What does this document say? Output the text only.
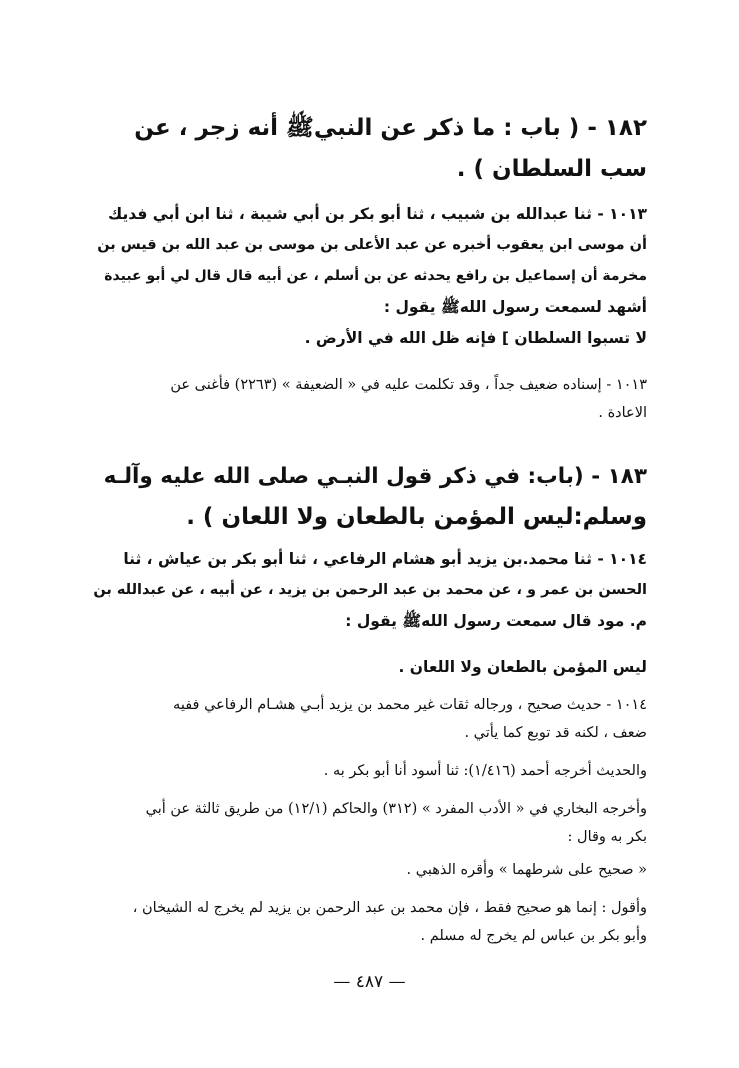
١٨٢ - ( باب : ما ذكر عن النبيﷺ أنه زجر ، عن
سب السلطان ) .
١٠١٣ - ثنا عبدالله بن شبيب ، ثنا أبو بكر بن أبي شيبة ، ثنا ابن أبي فديك
أن موسى ابن يعقوب أخبره عن عبد الأعلى بن موسى بن عبد الله بن قيس بن
مخرمة أن إسماعيل بن رافع يحدثه عن بن أسلم ، عن أبيه قال قال لي أبو عبيدة
أشهد لسمعت رسول اللهﷺ يقول :
لا تسبوا السلطان ] فإنه ظل الله في الأرض .
١٠١٣ - إسناده ضعيف جداً ، وقد تكلمت عليه في « الضعيفة » (٢٢٦٣) فأغنى عن
الاعادة .
١٨٣ - (باب: في ذكر قول النبـي صلى الله عليه وآلـه
وسلم:ليس المؤمن بالطعان ولا اللعان ) .
١٠١٤ - ثنا محمد.بن يزيد أبو هشام الرفاعي ، ثنا أبو بكر بن عياش ، ثنا
الحسن بن عمر و ، عن محمد بن عبد الرحمن بن يزيد ، عن أبيه ، عن عبدالله بن
م. مود قال سمعت رسول اللهﷺ يقول :
ليس المؤمن بالطعان ولا اللعان .
١٠١٤ - حديث صحيح ، ورجاله ثقات غير محمد بن يزيد أبـي هشـام الرفاعي ففيه
ضعف ، لكنه قد توبع كما يأتي .
والحديث أخرجه أحمد (١/٤١٦): ثنا أسود أنا أبو بكر به .
وأخرجه البخاري في « الأدب المفرد » (٣١٢) والحاكم (١٢/١) من طريق ثالثة عن أبي
بكر به وقال :
« صحيح على شرطهما » وأقره الذهبي .
وأقول : إنما هو صحيح فقط ، فإن محمد بن عبد الرحمن بن يزيد لم يخرج له الشيخان ،
وأبو بكر بن عباس لم يخرج له مسلم .
— ٤٨٧ —
